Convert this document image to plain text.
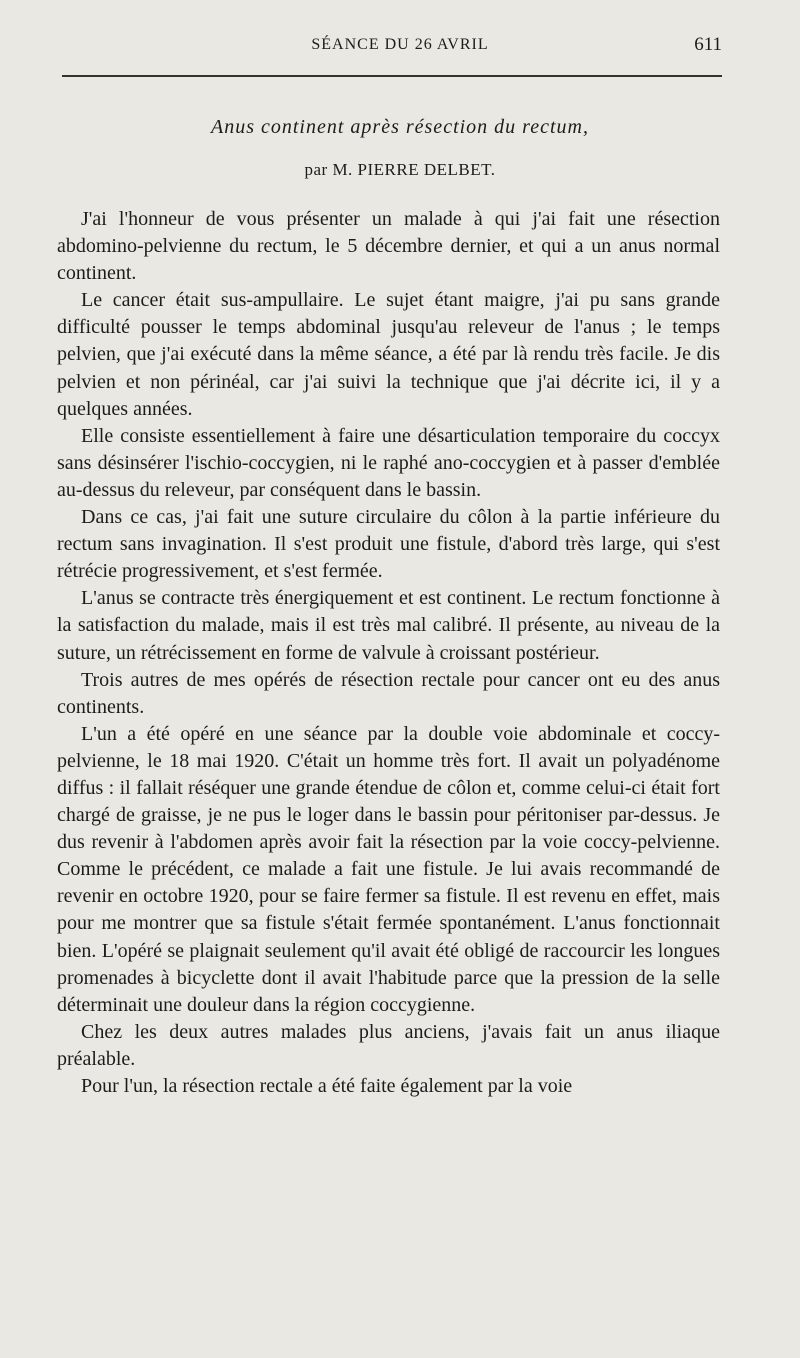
SÉANCE DU 26 AVRIL	611
Anus continent après résection du rectum,
par M. PIERRE DELBET.

J'ai l'honneur de vous présenter un malade à qui j'ai fait une résection abdomino-pelvienne du rectum, le 5 décembre dernier, et qui a un anus normal continent.

Le cancer était sus-ampullaire. Le sujet étant maigre, j'ai pu sans grande difficulté pousser le temps abdominal jusqu'au releveur de l'anus ; le temps pelvien, que j'ai exécuté dans la même séance, a été par là rendu très facile. Je dis pelvien et non périnéal, car j'ai suivi la technique que j'ai décrite ici, il y a quelques années.

Elle consiste essentiellement à faire une désarticulation temporaire du coccyx sans désinsérer l'ischio-coccygien, ni le raphé ano-coccygien et à passer d'emblée au-dessus du releveur, par conséquent dans le bassin.

Dans ce cas, j'ai fait une suture circulaire du côlon à la partie inférieure du rectum sans invagination. Il s'est produit une fistule, d'abord très large, qui s'est rétrécie progressivement, et s'est fermée.

L'anus se contracte très énergiquement et est continent. Le rectum fonctionne à la satisfaction du malade, mais il est très mal calibré. Il présente, au niveau de la suture, un rétrécissement en forme de valvule à croissant postérieur.

Trois autres de mes opérés de résection rectale pour cancer ont eu des anus continents.

L'un a été opéré en une séance par la double voie abdominale et coccy-pelvienne, le 18 mai 1920. C'était un homme très fort. Il avait un polyadénome diffus : il fallait réséquer une grande étendue de côlon et, comme celui-ci était fort chargé de graisse, je ne pus le loger dans le bassin pour péritoniser par-dessus. Je dus revenir à l'abdomen après avoir fait la résection par la voie coccy-pelvienne. Comme le précédent, ce malade a fait une fistule. Je lui avais recommandé de revenir en octobre 1920, pour se faire fermer sa fistule. Il est revenu en effet, mais pour me montrer que sa fistule s'était fermée spontanément. L'anus fonctionnait bien. L'opéré se plaignait seulement qu'il avait été obligé de raccourcir les longues promenades à bicyclette dont il avait l'habitude parce que la pression de la selle déterminait une douleur dans la région coccygienne.

Chez les deux autres malades plus anciens, j'avais fait un anus iliaque préalable.

Pour l'un, la résection rectale a été faite également par la voie
